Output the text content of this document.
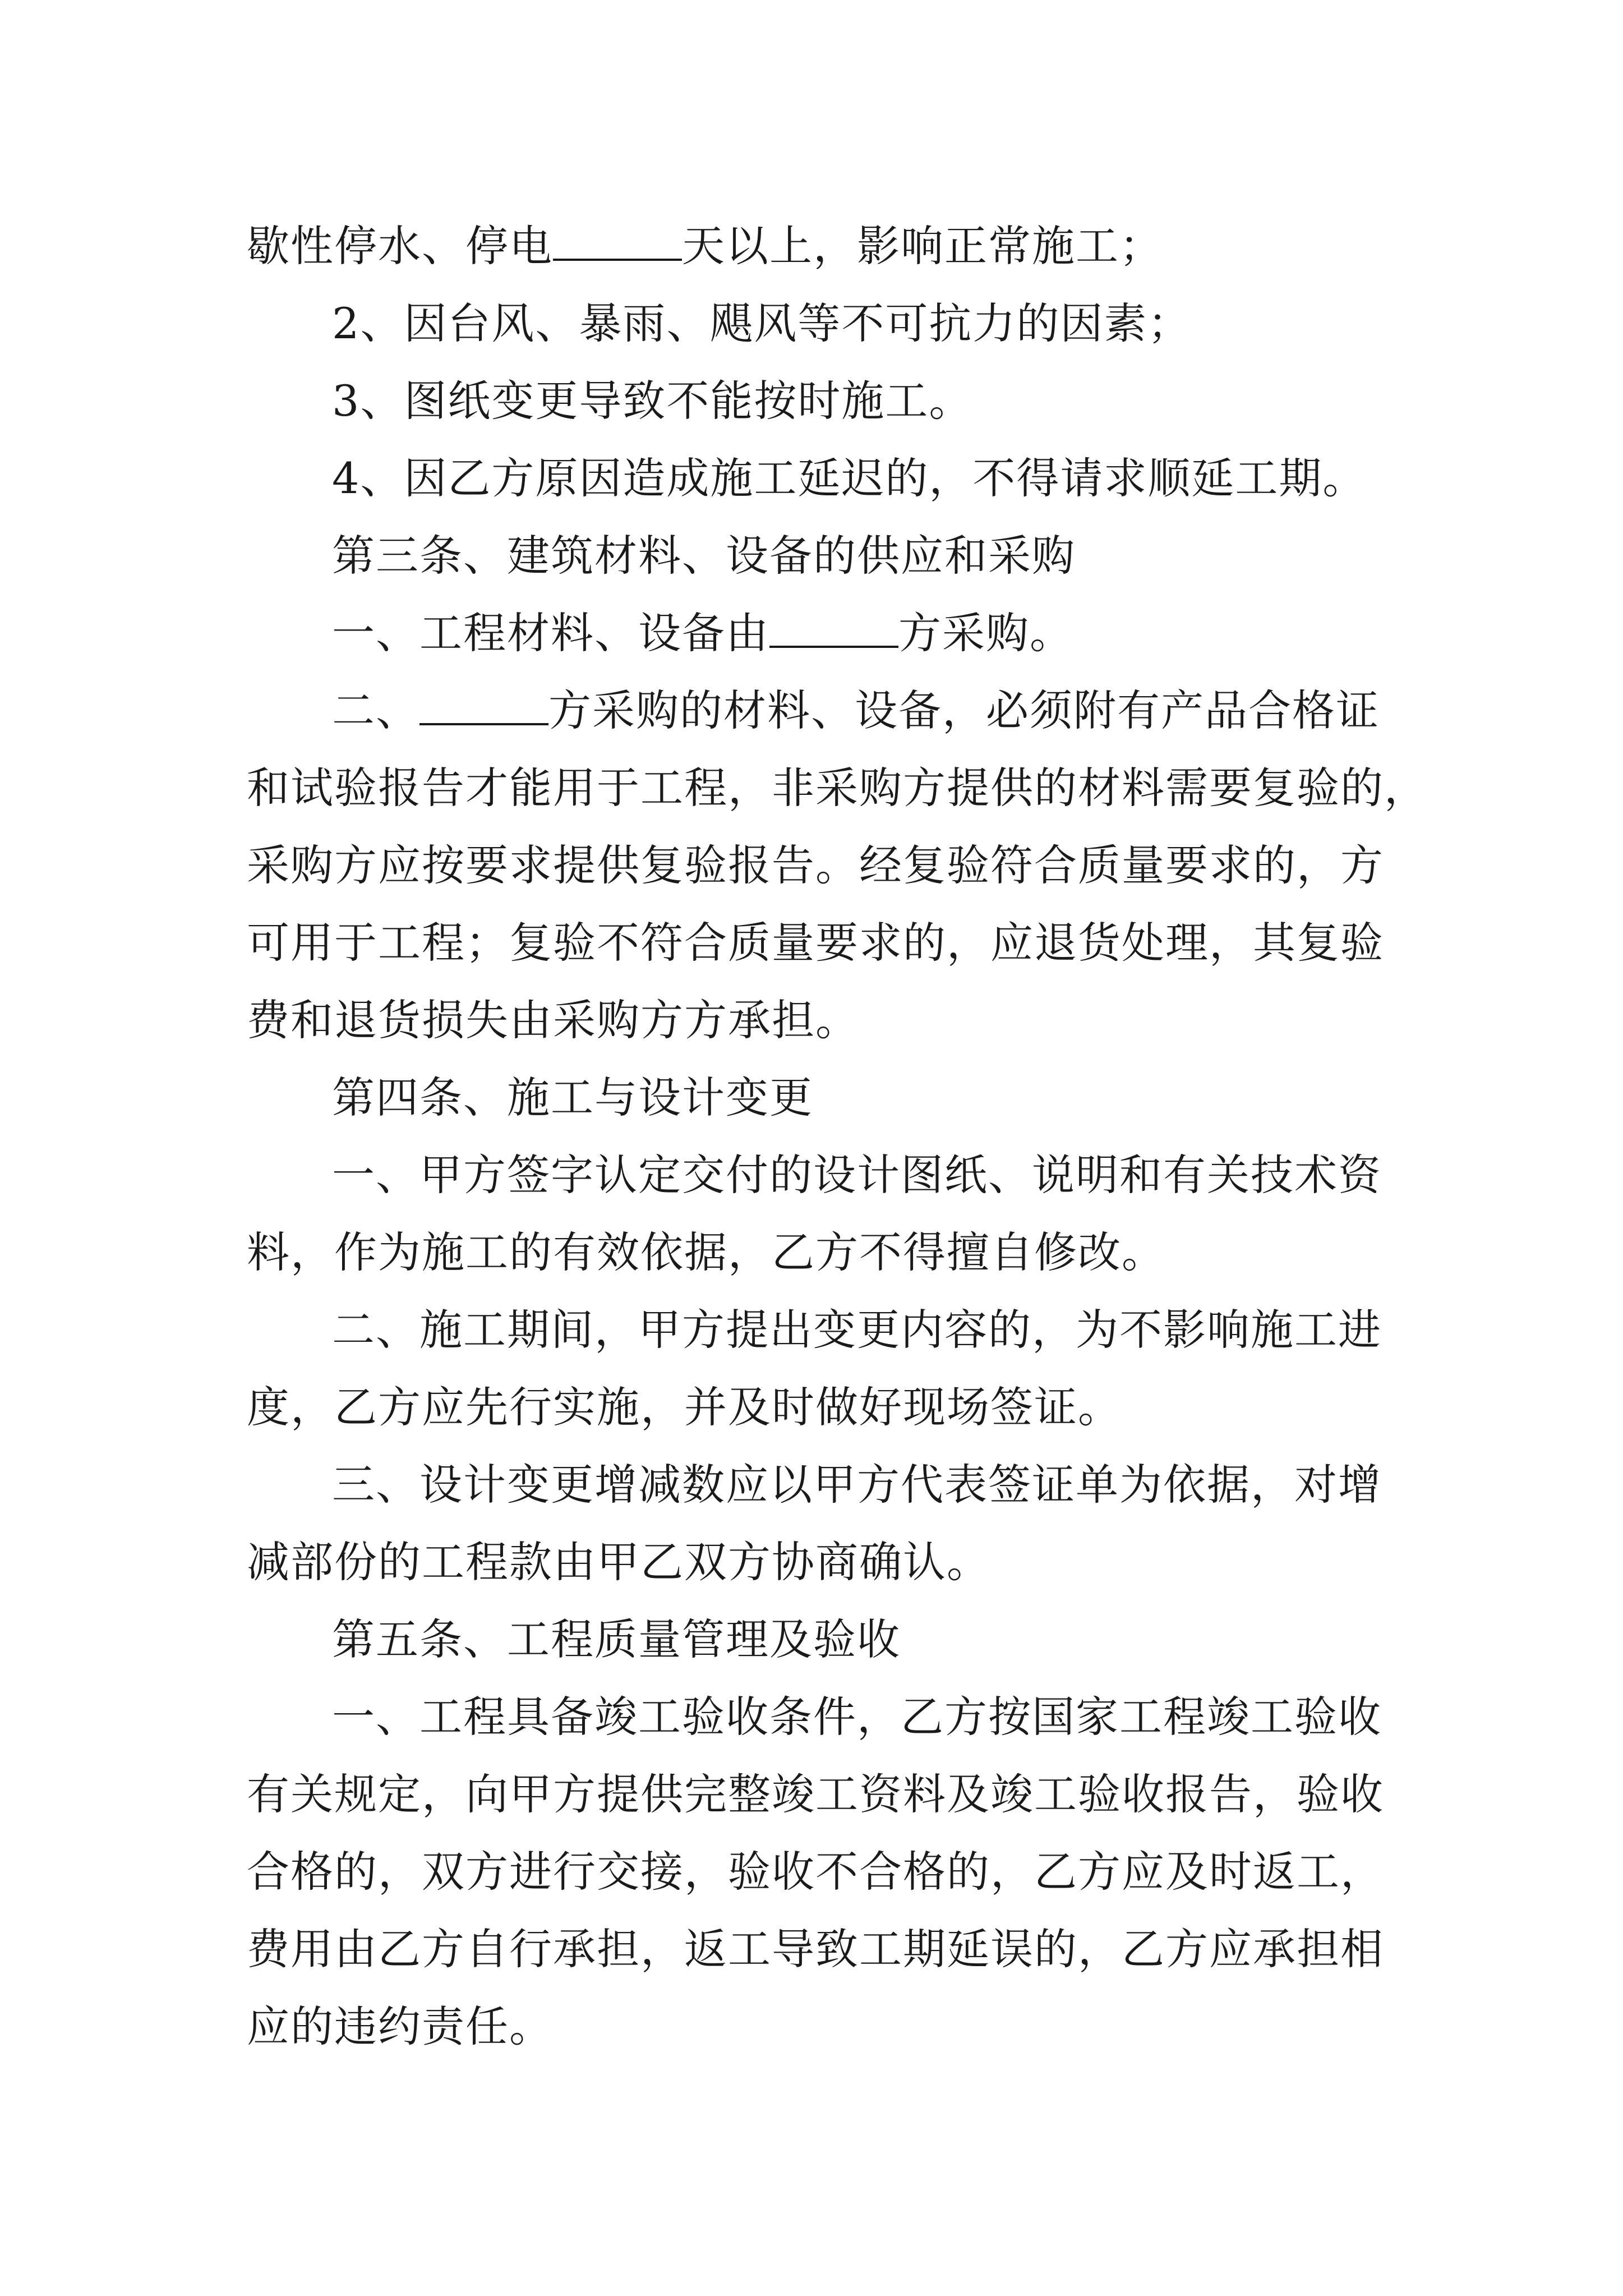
歇性停水、停电	天以上，影响正常施工；
2、因台风、暴雨、飓风等不可抗力的因素；
3、图纸变更导致不能按时施工。
4、因乙方原因造成施工延迟的，不得请求顺延工期。
第三条、建筑材料、设备的供应和采购
一、工程材料、设备由	方采购。
二、	方采购的材料、设备，必须附有产品合格证
和试验报告才能用于工程，非采购方提供的材料需要复验的，
采购方应按要求提供复验报告。经复验符合质量要求的，方
可用于工程；复验不符合质量要求的，应退货处理，其复验
费和退货损失由采购方方承担。
第四条、施工与设计变更
一、甲方签字认定交付的设计图纸、说明和有关技术资
料，作为施工的有效依据，乙方不得擅自修改。
二、施工期间，甲方提出变更内容的，为不影响施工进
度，乙方应先行实施，并及时做好现场签证。
三、设计变更增减数应以甲方代表签证单为依据，对增
减部份的工程款由甲乙双方协商确认。
第五条、工程质量管理及验收
一、工程具备竣工验收条件，乙方按国家工程竣工验收
有关规定，向甲方提供完整竣工资料及竣工验收报告，验收
合格的，双方进行交接，验收不合格的，乙方应及时返工，
费用由乙方自行承担，返工导致工期延误的，乙方应承担相
应的违约责任。
